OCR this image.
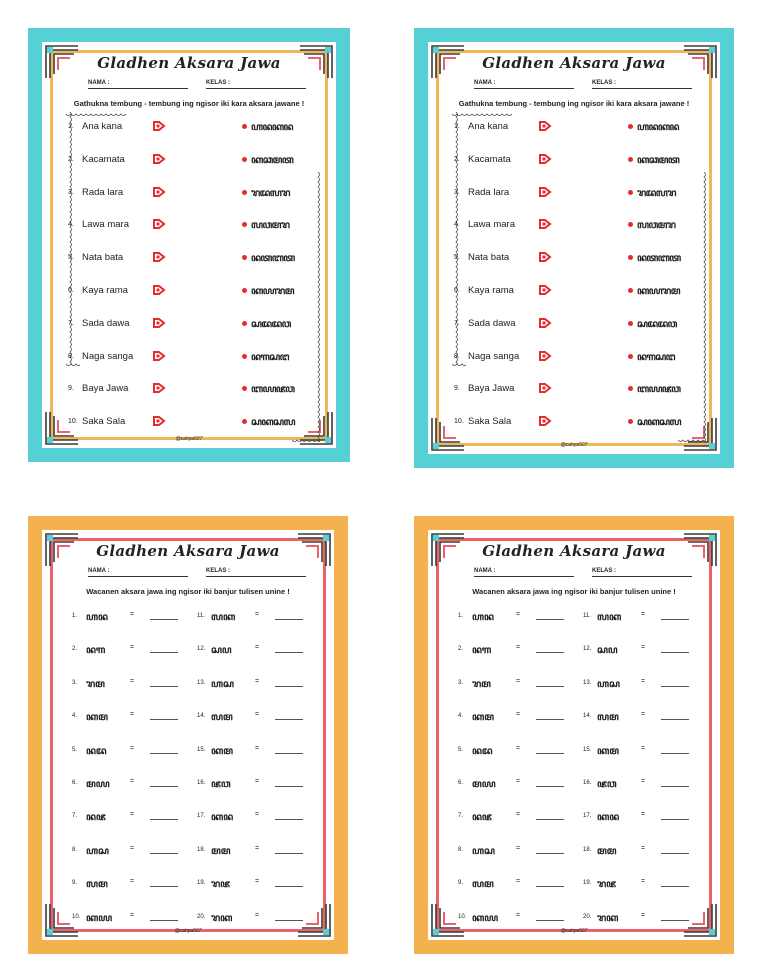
Gladhen Aksara Jawa
NAMA :	KELAS :
Gathukna tembung - tembung ing ngisor iki kara aksara jawane !
1. Ana kana	ꦲꦤꦏꦤ
2. Kacamata	ꦏꦕꦩꦠ
3. Rada lara	ꦫꦢꦭꦫ
4. Lawa mara	ꦭꦮꦩꦫ
5. Nata bata	ꦤꦠꦧꦠ
6. Kaya rama	ꦏꦪꦫꦩ
7. Sada dawa	ꦱꦢꦢꦮ
8. Naga sanga	ꦤꦒꦱꦔ
9. Baya Jawa	ꦧꦪꦗꦮ
10. Saka Sala	ꦱꦏꦱꦭ
@cahya507
Gladhen Aksara Jawa
NAMA :	KELAS :
Gathukna tembung - tembung ing ngisor iki kara aksara jawane !
1. Ana kana	ꦲꦤꦏꦤ
2. Kacamata	ꦏꦕꦩꦠ
3. Rada lara	ꦫꦢꦭꦫ
4. Lawa mara	ꦭꦮꦩꦫ
5. Nata bata	ꦤꦠꦧꦠ
6. Kaya rama	ꦏꦪꦫꦩ
7. Sada dawa	ꦱꦢꦢꦮ
8. Naga sanga	ꦤꦒꦱꦔ
9. Baya Jawa	ꦧꦪꦗꦮ
10. Saka Sala	ꦱꦏꦱꦭ
@cahya507
Gladhen Aksara Jawa
NAMA :	KELAS :
Wacanen aksara jawa ing ngisor iki banjur tulisen unine !
1. ꦲꦤ	=
2. ꦤꦒ	=
3. ꦫꦩ	=
4. ꦏꦩ	=
5. ꦤꦢ	=
6. ꦩꦪ	=
7. ꦤꦗ	=
8. ꦲꦱ	=
9. ꦭꦩ	=
10. ꦏꦪ	=
11. ꦭꦏ	=
12. ꦱꦥ	=
13. ꦲꦱ	=
14. ꦭꦩ	=
15. ꦏꦩ	=
16. ꦗꦮ	=
17. ꦏꦤ	=
18. ꦩꦩ	=
19. ꦫꦗ	=
20. ꦫꦏ	=
@cahya507
Gladhen Aksara Jawa
NAMA :	KELAS :
Wacanen aksara jawa ing ngisor iki banjur tulisen unine !
1. ꦲꦤ	=
2. ꦤꦒ	=
3. ꦫꦩ	=
4. ꦏꦩ	=
5. ꦤꦢ	=
6. ꦩꦪ	=
7. ꦤꦗ	=
8. ꦲꦱ	=
9. ꦭꦩ	=
10. ꦏꦪ	=
11. ꦭꦏ	=
12. ꦱꦥ	=
13. ꦲꦱ	=
14. ꦭꦩ	=
15. ꦏꦩ	=
16. ꦗꦮ	=
17. ꦏꦤ	=
18. ꦩꦩ	=
19. ꦫꦗ	=
20. ꦫꦏ	=
@cahya507
